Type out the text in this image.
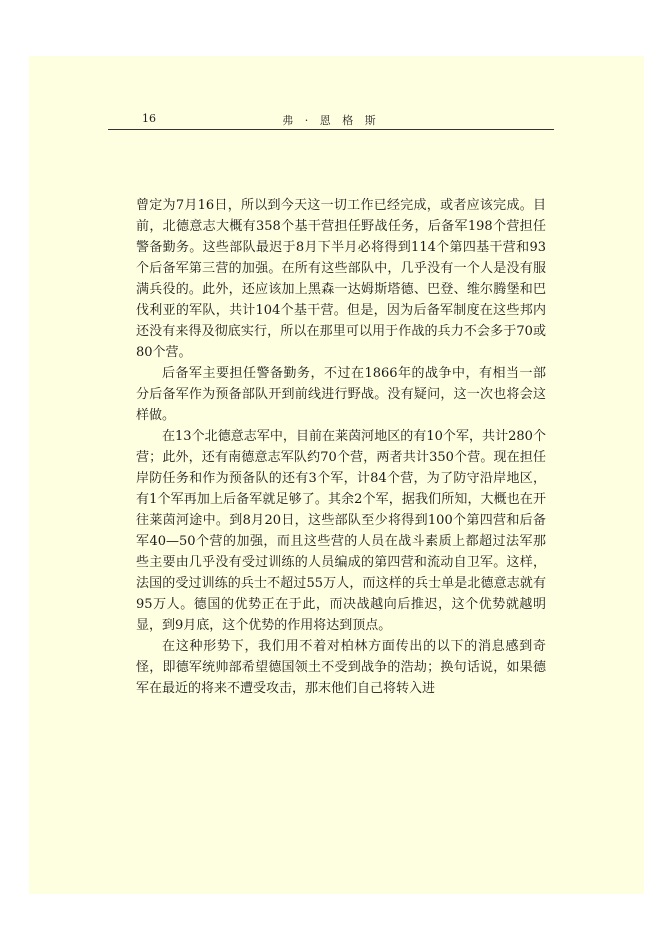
16	弗 · 恩 格 斯

曾定为7月16日，所以到今天这一切工作已经完成，或者应该完成。目前，北德意志大概有358个基干营担任野战任务，后备军198个营担任警备勤务。这些部队最迟于8月下半月必将得到114个第四基干营和93个后备军第三营的加强。在所有这些部队中，几乎没有一个人是没有服满兵役的。此外，还应该加上黑森一达姆斯塔德、巴登、维尔腾堡和巴伐利亚的军队，共计104个基干营。但是，因为后备军制度在这些邦内还没有来得及彻底实行，所以在那里可以用于作战的兵力不会多于70或80个营。

后备军主要担任警备勤务，不过在1866年的战争中，有相当一部分后备军作为预备部队开到前线进行野战。没有疑问，这一次也将会这样做。

在13个北德意志军中，目前在莱茵河地区的有10个军，共计280个营；此外，还有南德意志军队约70个营，两者共计350个营。现在担任岸防任务和作为预备队的还有3个军，计84个营，为了防守沿岸地区，有1个军再加上后备军就足够了。其余2个军，据我们所知，大概也在开往莱茵河途中。到8月20日，这些部队至少将得到100个第四营和后备军40—50个营的加强，而且这些营的人员在战斗素质上都超过法军那些主要由几乎没有受过训练的人员编成的第四营和流动自卫军。这样，法国的受过训练的兵士不超过55万人，而这样的兵士单是北德意志就有95万人。德国的优势正在于此，而决战越向后推迟，这个优势就越明显，到9月底，这个优势的作用将达到顶点。

在这种形势下，我们用不着对柏林方面传出的以下的消息感到奇怪，即德军统帅部希望德国领土不受到战争的浩劫；换句话说，如果德军在最近的将来不遭受攻击，那末他们自己将转入进
